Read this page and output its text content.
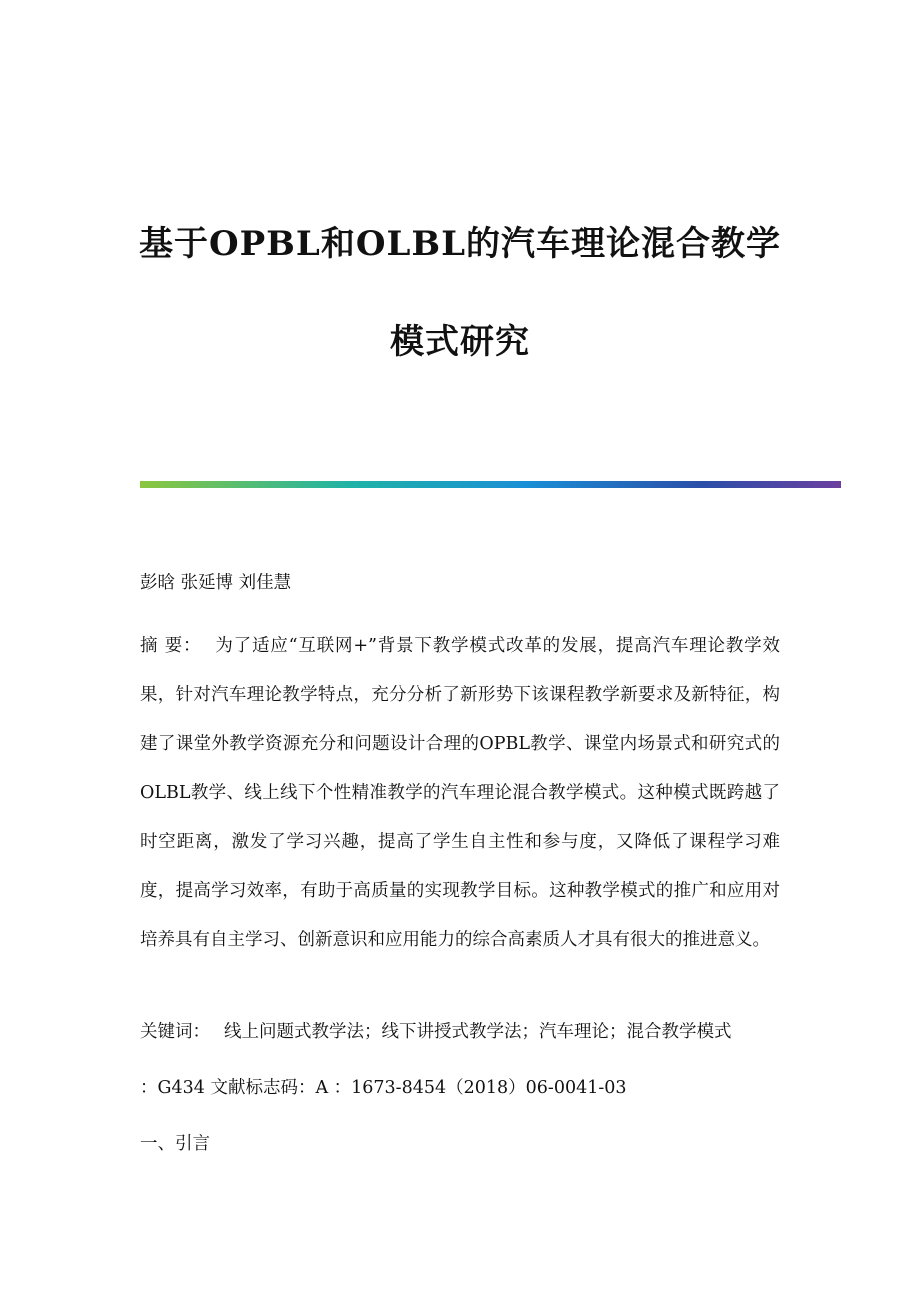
基于OPBL和OLBL的汽车理论混合教学
模式研究
彭晗 张延博 刘佳慧
摘 要： 为了适应“互联网+”背景下教学模式改革的发展，提高汽车理论教学效果，针对汽车理论教学特点，充分分析了新形势下该课程教学新要求及新特征，构建了课堂外教学资源充分和问题设计合理的OPBL教学、课堂内场景式和研究式的OLBL教学、线上线下个性精准教学的汽车理论混合教学模式。这种模式既跨越了时空距离，激发了学习兴趣，提高了学生自主性和参与度，又降低了课程学习难度，提高学习效率，有助于高质量的实现教学目标。这种教学模式的推广和应用对培养具有自主学习、创新意识和应用能力的综合高素质人才具有很大的推进意义。
关键词： 线上问题式教学法；线下讲授式教学法；汽车理论；混合教学模式
：G434 文献标志码：A ：1673-8454（2018）06-0041-03
一、引言
